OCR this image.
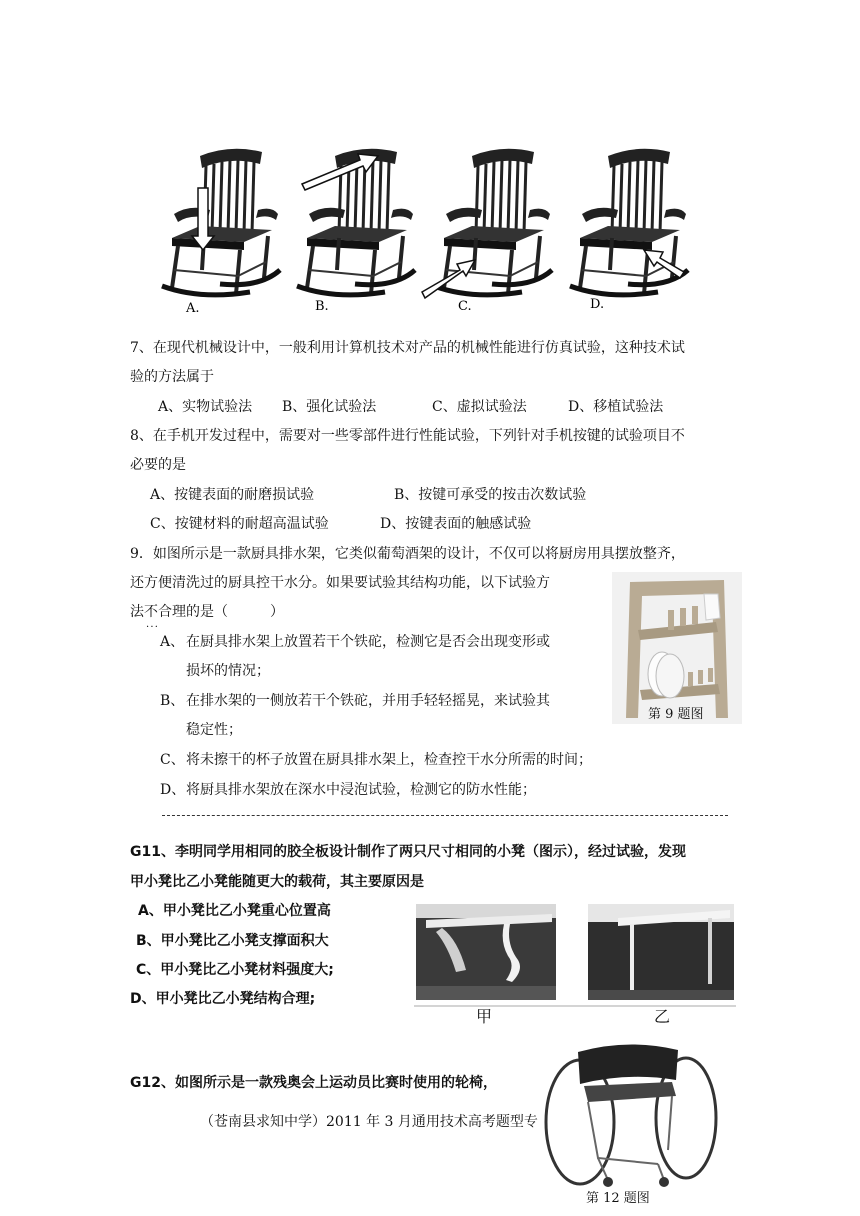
A.	B.	C.	D.
7、在现代机械设计中，一般利用计算机技术对产品的机械性能进行仿真试验，这种技术试
验的方法属于
A、实物试验法 B、强化试验法	C、虚拟试验法	D、移植试验法
8、在手机开发过程中，需要对一些零部件进行性能试验，下列针对手机按键的试验项目不
必要的是
A、按键表面的耐磨损试验	B、按键可承受的按击次数试验
C、按键材料的耐超高温试验	D、按键表面的触感试验
9．如图所示是一款厨具排水架，它类似葡萄酒架的设计，不仅可以将厨房用具摆放整齐，
还方便清洗过的厨具控干水分。如果要试验其结构功能，以下试验方
法不合理 · · ·的是（　　　）
A、 在厨具排水架上放置若干个铁砣，检测它是否会出现变形或
损坏的情况；
B、 在排水架的一侧放若干个铁砣，并用手轻轻摇晃，来试验其
稳定性；
C、 将未擦干的杯子放置在厨具排水架上，检查控干水分所需的时间；
D、 将厨具排水架放在深水中浸泡试验，检测它的防水性能；
第 9 题图
G11、李明同学用相同的胶全板设计制作了两只尺寸相同的小凳（图示），经过试验，发现
甲小凳比乙小凳能随更大的载荷，其主要原因是
A、甲小凳比乙小凳重心位置高
B、甲小凳比乙小凳支撑面积大
C、甲小凳比乙小凳材料强度大;
D、甲小凳比乙小凳结构合理;
甲	乙
G12、如图所示是一款残奥会上运动员比赛时使用的轮椅，
第 12 题图
（苍南县求知中学）2011 年 3 月通用技术高考题型专
